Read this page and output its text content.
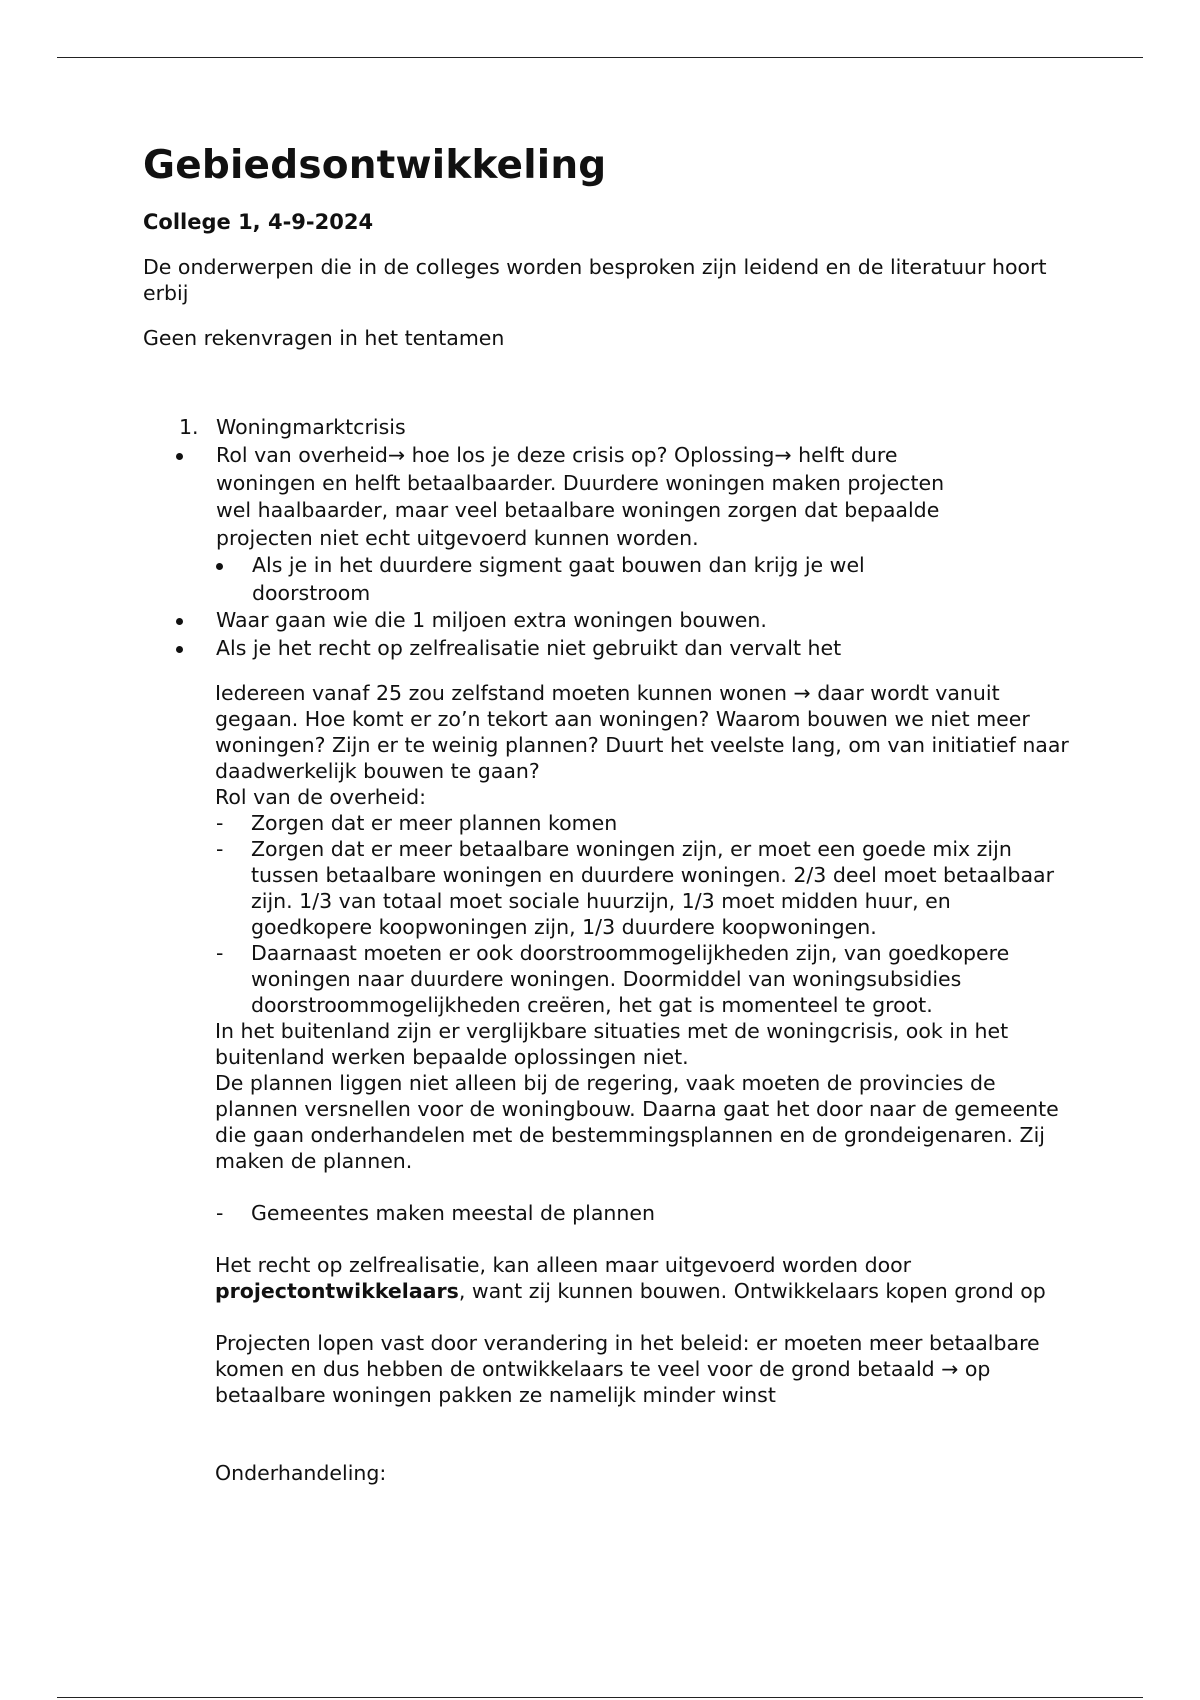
Gebiedsontwikkeling
College 1, 4-9-2024

De onderwerpen die in de colleges worden besproken zijn leidend en de literatuur hoort erbij

Geen rekenvragen in het tentamen

1. Woningmarktcrisis
Rol van overheid→ hoe los je deze crisis op? Oplossing→ helft dure woningen en helft betaalbaarder. Duurdere woningen maken projecten wel haalbaarder, maar veel betaalbare woningen zorgen dat bepaalde projecten niet echt uitgevoerd kunnen worden.
Als je in het duurdere sigment gaat bouwen dan krijg je wel doorstroom
Waar gaan wie die 1 miljoen extra woningen bouwen.
Als je het recht op zelfrealisatie niet gebruikt dan vervalt het

Iedereen vanaf 25 zou zelfstand moeten kunnen wonen → daar wordt vanuit gegaan. Hoe komt er zo’n tekort aan woningen? Waarom bouwen we niet meer woningen? Zijn er te weinig plannen? Duurt het veelste lang, om van initiatief naar daadwerkelijk bouwen te gaan?

Rol van de overheid:

- Zorgen dat er meer plannen komen
- Zorgen dat er meer betaalbare woningen zijn, er moet een goede mix zijn tussen betaalbare woningen en duurdere woningen. 2/3 deel moet betaalbaar zijn. 1/3 van totaal moet sociale huurzijn, 1/3 moet midden huur, en goedkopere koopwoningen zijn, 1/3 duurdere koopwoningen.
- Daarnaast moeten er ook doorstroommogelijkheden zijn, van goedkopere woningen naar duurdere woningen. Doormiddel van woningsubsidies doorstroommogelijkheden creëren, het gat is momenteel te groot.

In het buitenland zijn er verglijkbare situaties met de woningcrisis, ook in het buitenland werken bepaalde oplossingen niet.

De plannen liggen niet alleen bij de regering, vaak moeten de provincies de plannen versnellen voor de woningbouw. Daarna gaat het door naar de gemeente die gaan onderhandelen met de bestemmingsplannen en de grondeigenaren. Zij maken de plannen.

- Gemeentes maken meestal de plannen

Het recht op zelfrealisatie, kan alleen maar uitgevoerd worden door projectontwikkelaars, want zij kunnen bouwen. Ontwikkelaars kopen grond op

Projecten lopen vast door verandering in het beleid: er moeten meer betaalbare komen en dus hebben de ontwikkelaars te veel voor de grond betaald → op betaalbare woningen pakken ze namelijk minder winst

Onderhandeling:
